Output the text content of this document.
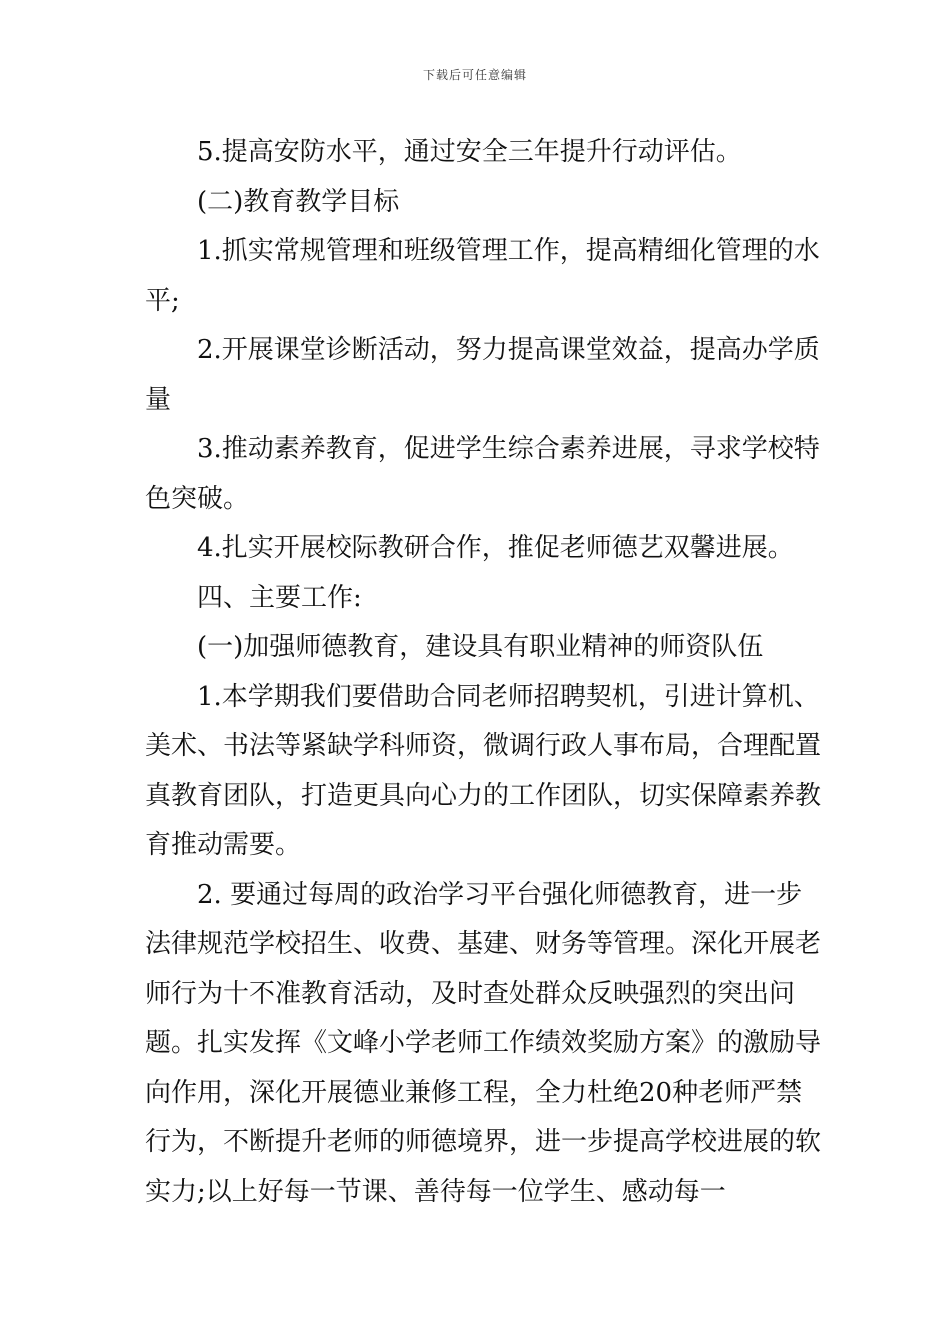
下载后可任意编辑

5.提高安防水平，通过安全三年提升行动评估。

(二)教育教学目标

1.抓实常规管理和班级管理工作，提高精细化管理的水平;

2.开展课堂诊断活动，努力提高课堂效益，提高办学质量

3.推动素养教育，促进学生综合素养进展，寻求学校特色突破。

4.扎实开展校际教研合作，推促老师德艺双馨进展。

四、主要工作:

(一)加强师德教育，建设具有职业精神的师资队伍

1.本学期我们要借助合同老师招聘契机，引进计算机、美术、书法等紧缺学科师资，微调行政人事布局，合理配置真教育团队，打造更具向心力的工作团队，切实保障素养教育推动需要。

2. 要通过每周的政治学习平台强化师德教育，进一步法律规范学校招生、收费、基建、财务等管理。深化开展老师行为十不准教育活动，及时查处群众反映强烈的突出问题。扎实发挥《文峰小学老师工作绩效奖励方案》的激励导向作用，深化开展德业兼修工程，全力杜绝20种老师严禁行为，不断提升老师的师德境界，进一步提高学校进展的软实力;以上好每一节课、善待每一位学生、感动每一
